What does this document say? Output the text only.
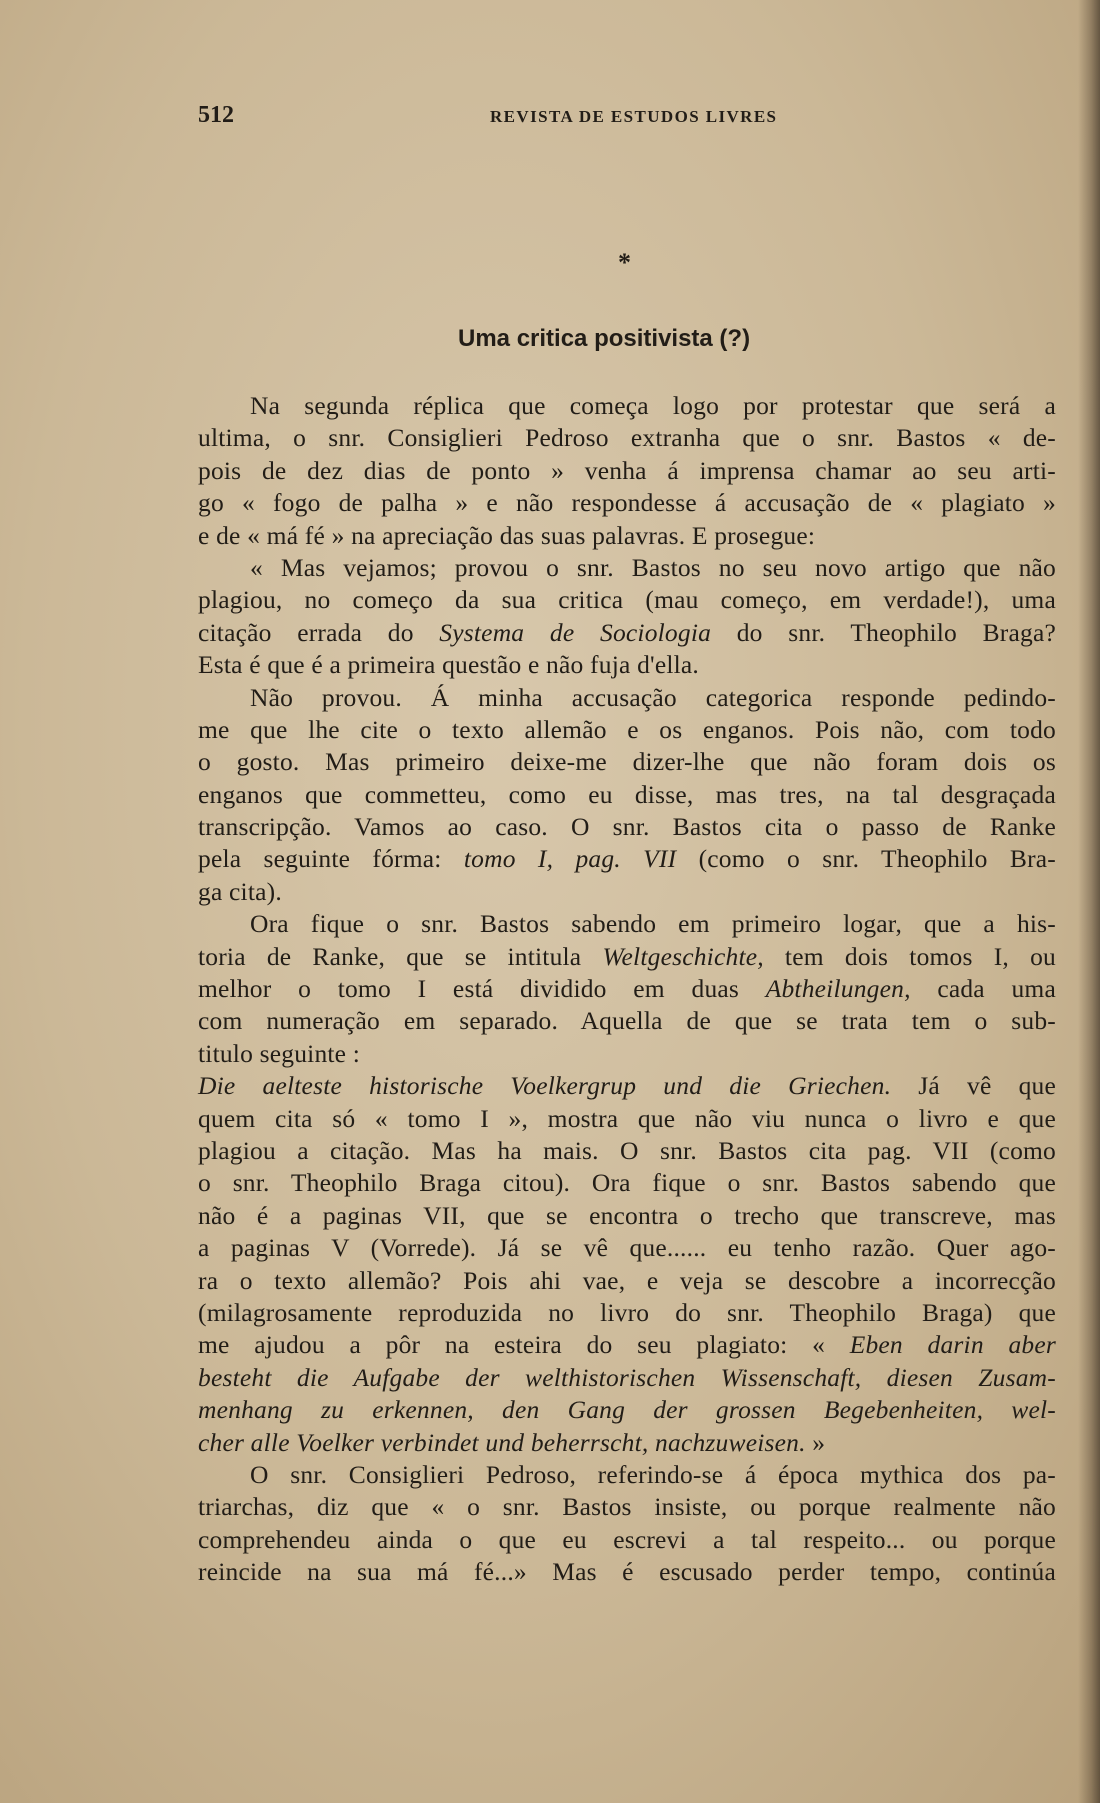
512	REVISTA DE ESTUDOS LIVRES
*
Uma critica positivista (?)
Na segunda réplica que começa logo por protestar que será a
ultima, o snr. Consiglieri Pedroso extranha que o snr. Bastos « de-
pois de dez dias de ponto » venha á imprensa chamar ao seu arti-
go « fogo de palha » e não respondesse á accusação de « plagiato »
e de « má fé » na apreciação das suas palavras. E prosegue:
« Mas vejamos; provou o snr. Bastos no seu novo artigo que não
plagiou, no começo da sua critica (mau começo, em verdade!), uma
citação errada do Systema de Sociologia do snr. Theophilo Braga?
Esta é que é a primeira questão e não fuja d'ella.
Não provou. Á minha accusação categorica responde pedindo-
me que lhe cite o texto allemão e os enganos. Pois não, com todo
o gosto. Mas primeiro deixe-me dizer-lhe que não foram dois os
enganos que commetteu, como eu disse, mas tres, na tal desgraçada
transcripção. Vamos ao caso. O snr. Bastos cita o passo de Ranke
pela seguinte fórma: tomo I, pag. VII (como o snr. Theophilo Bra-
ga cita).
Ora fique o snr. Bastos sabendo em primeiro logar, que a his-
toria de Ranke, que se intitula Weltgeschichte, tem dois tomos I, ou
melhor o tomo I está dividido em duas Abtheilungen, cada uma
com numeração em separado. Aquella de que se trata tem o sub-
titulo seguinte :
Die aelteste historische Voelkergrup und die Griechen. Já vê que
quem cita só « tomo I », mostra que não viu nunca o livro e que
plagiou a citação. Mas ha mais. O snr. Bastos cita pag. VII (como
o snr. Theophilo Braga citou). Ora fique o snr. Bastos sabendo que
não é a paginas VII, que se encontra o trecho que transcreve, mas
a paginas V (Vorrede). Já se vê que...... eu tenho razão. Quer ago-
ra o texto allemão? Pois ahi vae, e veja se descobre a incorrecção
(milagrosamente reproduzida no livro do snr. Theophilo Braga) que
me ajudou a pôr na esteira do seu plagiato: « Eben darin aber
besteht die Aufgabe der welthistorischen Wissenschaft, diesen Zusam-
menhang zu erkennen, den Gang der grossen Begebenheiten, wel-
cher alle Voelker verbindet und beherrscht, nachzuweisen. »
O snr. Consiglieri Pedroso, referindo-se á época mythica dos pa-
triarchas, diz que « o snr. Bastos insiste, ou porque realmente não
comprehendeu ainda o que eu escrevi a tal respeito... ou porque
reincide na sua má fé...» Mas é escusado perder tempo, continúa
